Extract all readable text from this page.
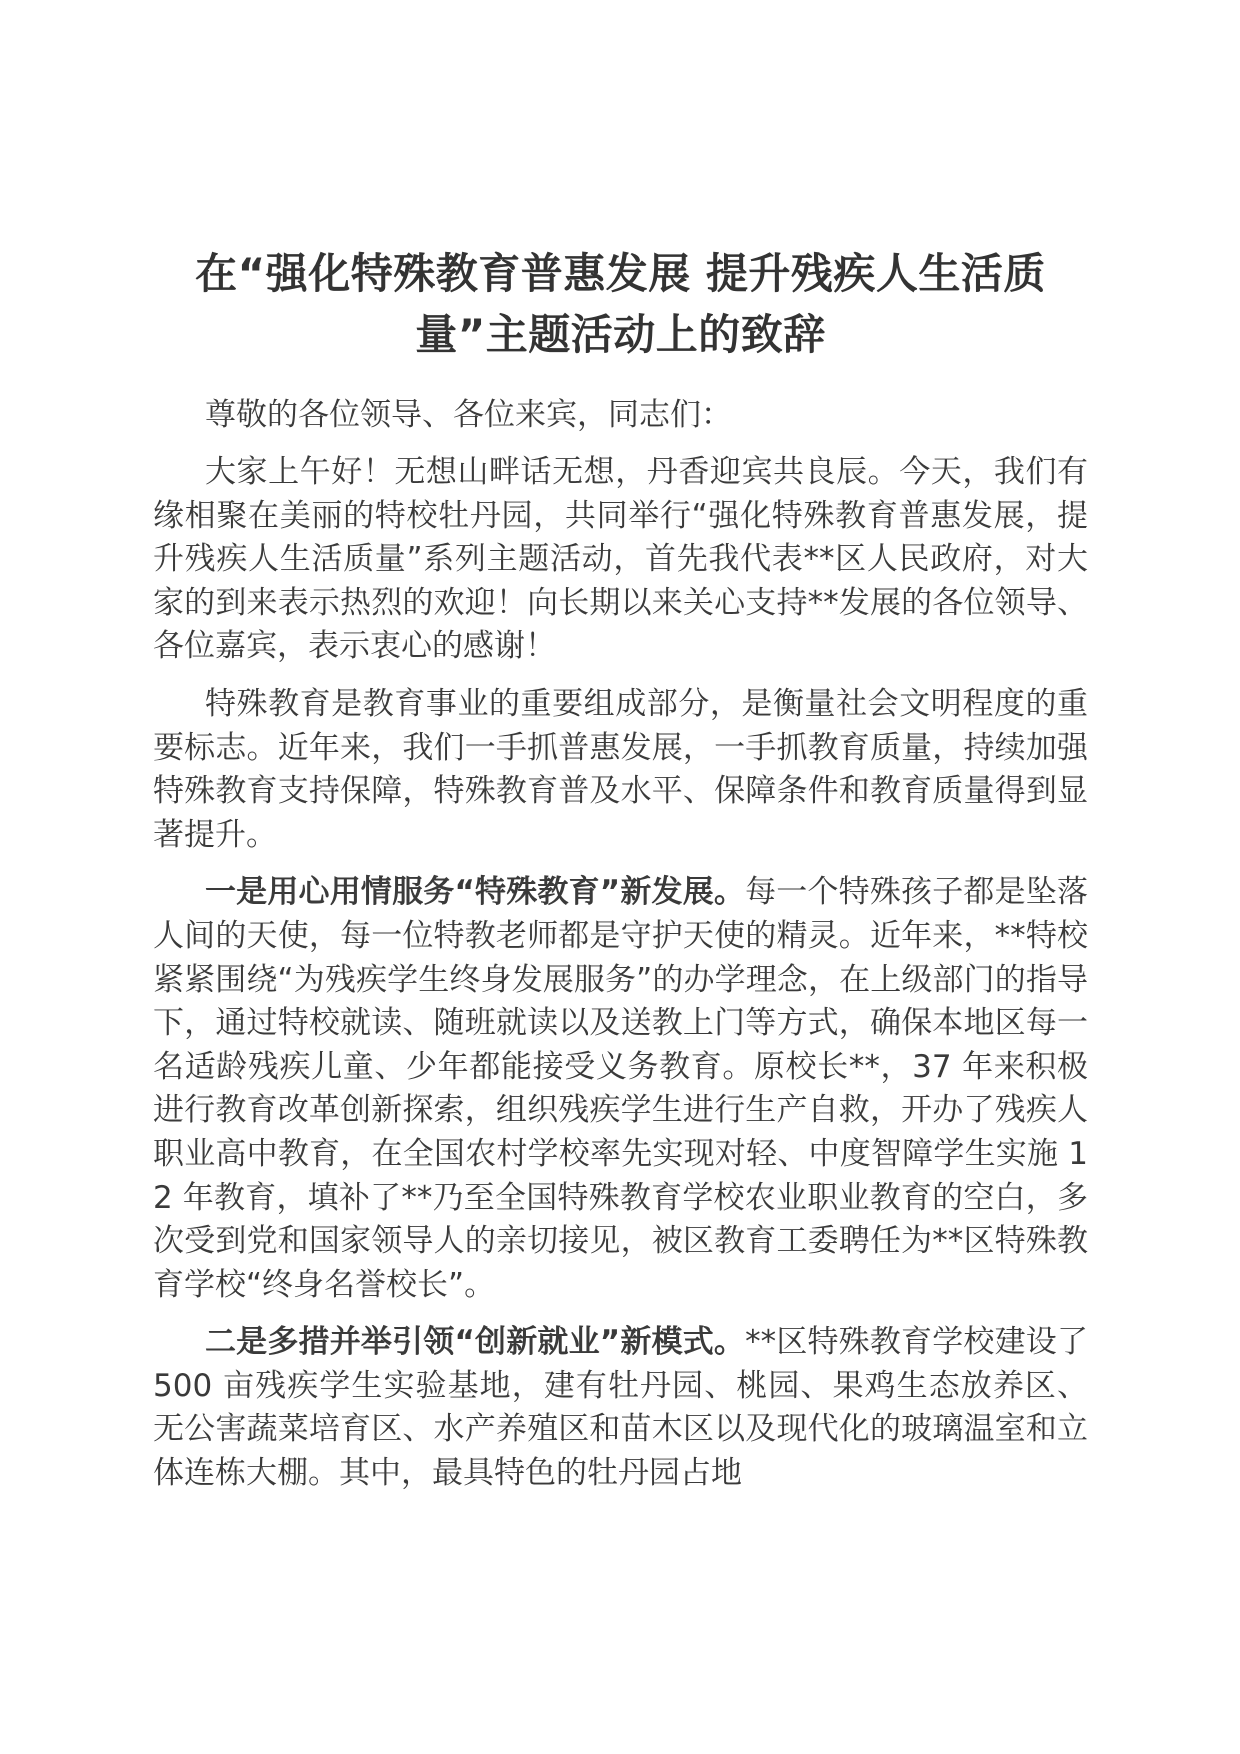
在“强化特殊教育普惠发展 提升残疾人生活质
量”主题活动上的致辞

尊敬的各位领导、各位来宾，同志们：

大家上午好！无想山畔话无想，丹香迎宾共良辰。今天，我们有缘相聚在美丽的特校牡丹园，共同举行“强化特殊教育普惠发展，提升残疾人生活质量”系列主题活动，首先我代表**区人民政府，对大家的到来表示热烈的欢迎！向长期以来关心支持**发展的各位领导、各位嘉宾，表示衷心的感谢！

特殊教育是教育事业的重要组成部分，是衡量社会文明程度的重要标志。近年来，我们一手抓普惠发展，一手抓教育质量，持续加强特殊教育支持保障，特殊教育普及水平、保障条件和教育质量得到显著提升。

一是用心用情服务“特殊教育”新发展。每一个特殊孩子都是坠落人间的天使，每一位特教老师都是守护天使的精灵。近年来，**特校紧紧围绕“为残疾学生终身发展服务”的办学理念，在上级部门的指导下，通过特校就读、随班就读以及送教上门等方式，确保本地区每一名适龄残疾儿童、少年都能接受义务教育。原校长**，37 年来积极进行教育改革创新探索，组织残疾学生进行生产自救，开办了残疾人职业高中教育，在全国农村学校率先实现对轻、中度智障学生实施 12 年教育，填补了**乃至全国特殊教育学校农业职业教育的空白，多次受到党和国家领导人的亲切接见，被区教育工委聘任为**区特殊教育学校“终身名誉校长”。

二是多措并举引领“创新就业”新模式。**区特殊教育学校建设了 500 亩残疾学生实验基地，建有牡丹园、桃园、果鸡生态放养区、无公害蔬菜培育区、水产养殖区和苗木区以及现代化的玻璃温室和立体连栋大棚。其中，最具特色的牡丹园占地
